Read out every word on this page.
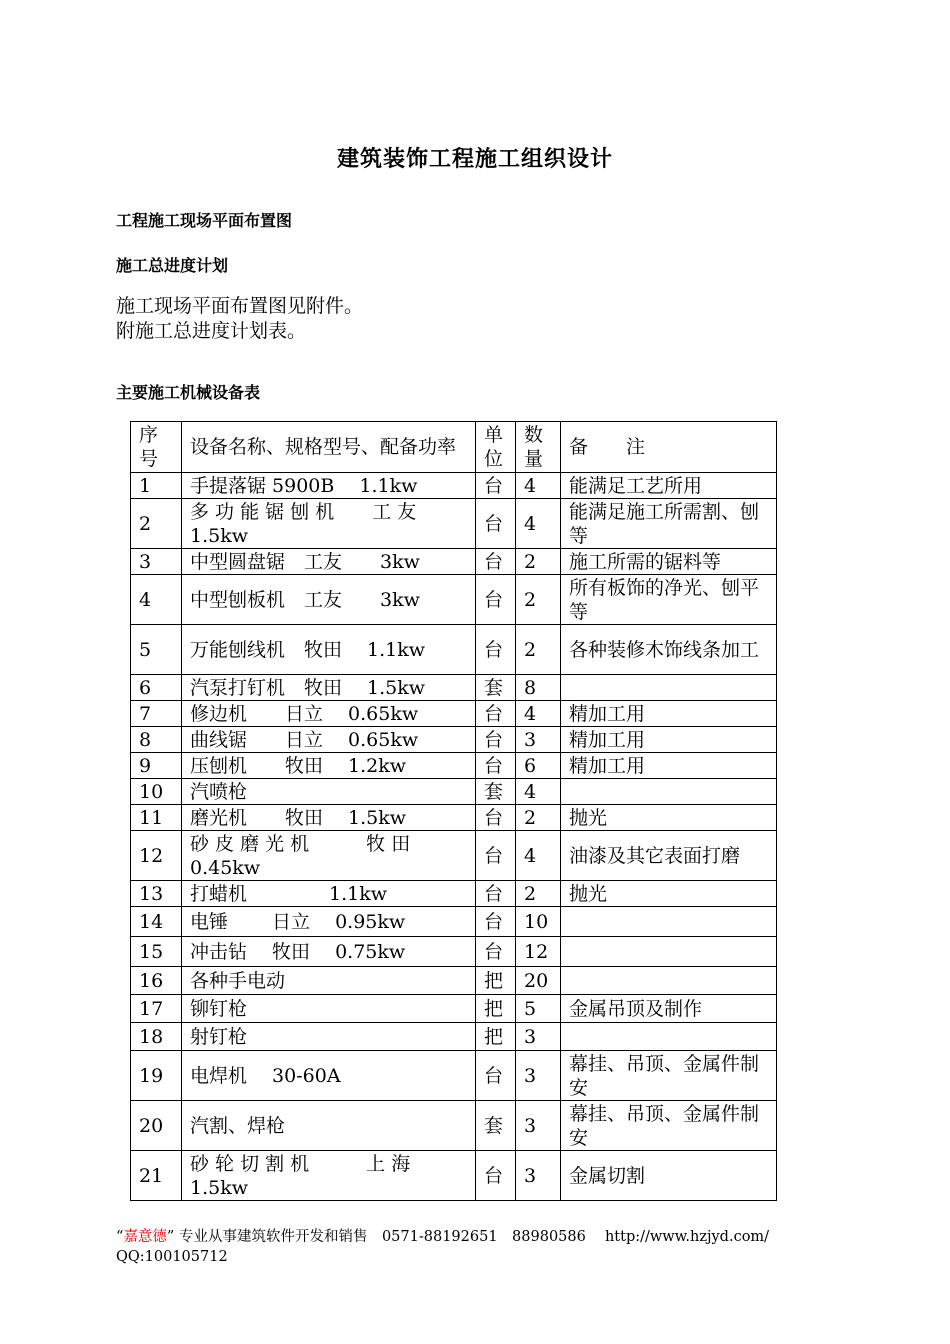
建筑装饰工程施工组织设计
工程施工现场平面布置图
施工总进度计划
施工现场平面布置图见附件。
附施工总进度计划表。
主要施工机械设备表
序号	设备名称、规格型号、配备功率	单位	数量	备　　注
1	手提落锯 5900B　 1.1kw	台	4	能满足工艺所用
2	多 功 能 锯 刨 机　　工 友 1.5kw	台	4	能满足施工所需割、刨等
3	中型圆盘锯　工友　　3kw	台	2	施工所需的锯料等
4	中型刨板机　工友　　3kw	台	2	所有板饰的净光、刨平等
5	万能刨线机　牧田　 1.1kw	台	2	各种装修木饰线条加工
6	汽泵打钉机　牧田　 1.5kw	套	8	
7	修边机　　日立　 0.65kw	台	4	精加工用
8	曲线锯　　日立　 0.65kw	台	3	精加工用
9	压刨机　　牧田　 1.2kw	台	6	精加工用
10	汽喷枪	套	4	
11	磨光机　　牧田　 1.5kw	台	2	抛光
12	砂 皮 磨 光 机　　　牧 田 0.45kw	台	4	油漆及其它表面打磨
13	打蜡机　　　　 1.1kw	台	2	抛光
14	电锤　　 日立　 0.95kw	台	10	
15	冲击钻　 牧田　 0.75kw	台	12	
16	各种手电动	把	20	
17	铆钉枪	把	5	金属吊顶及制作
18	射钉枪	把	3	
19	电焊机　 30-60A	台	3	幕挂、吊顶、金属件制安
20	汽割、焊枪	套	3	幕挂、吊顶、金属件制安
21	砂 轮 切 割 机　　　上 海 1.5kw	台	3	金属切割
“嘉意德” 专业从事建筑软件开发和销售　0571-88192651　88980586　 http://www.hzjyd.com/
QQ:100105712
